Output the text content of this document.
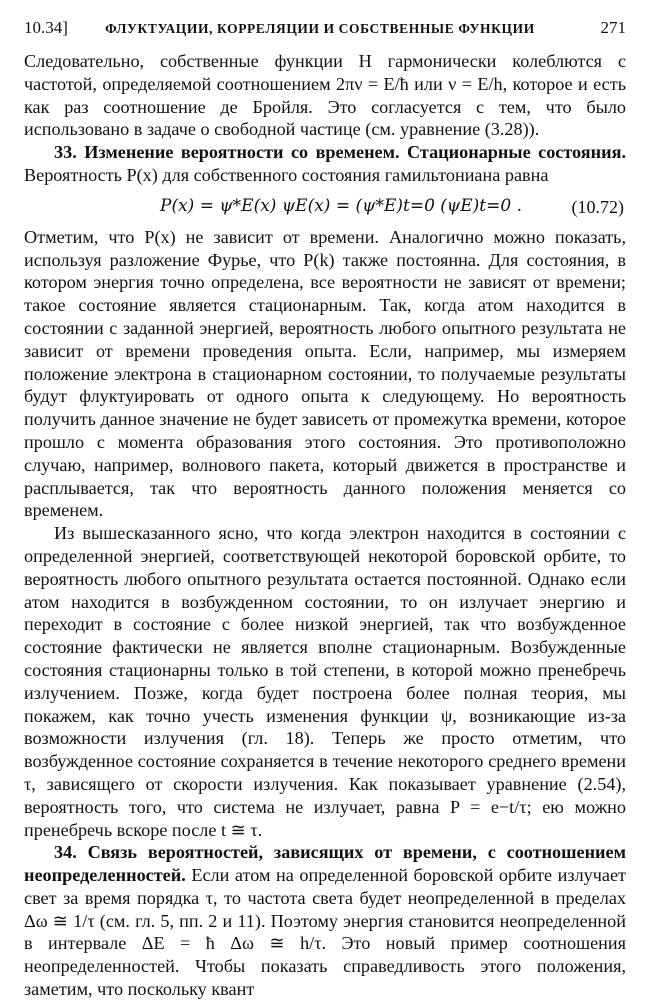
10.34]	ФЛУКТУАЦИИ, КОРРЕЛЯЦИИ И СОБСТВЕННЫЕ ФУНКЦИИ	271

Следовательно, собственные функции H гармонически колеблются с частотой, определяемой соотношением 2πν = E/ħ или ν = E/h, которое и есть как раз соотношение де Бройля. Это согласуется с тем, что было использовано в задаче о свободной частице (см. уравнение (3.28)).

33. Изменение вероятности со временем. Стационарные состояния. Вероятность P(x) для собственного состояния гамильтониана равна

P(x) = ψ*E(x) ψE(x) = (ψ*E)t=0 (ψE)t=0 .	(10.72)

Отметим, что P(x) не зависит от времени. Аналогично можно показать, используя разложение Фурье, что P(k) также постоянна. Для состояния, в котором энергия точно определена, все вероятности не зависят от времени; такое состояние является стационарным. Так, когда атом находится в состоянии с заданной энергией, вероятность любого опытного результата не зависит от времени проведения опыта. Если, например, мы измеряем положение электрона в стационарном состоянии, то получаемые результаты будут флуктуировать от одного опыта к следующему. Но вероятность получить данное значение не будет зависеть от промежутка времени, которое прошло с момента образования этого состояния. Это противоположно случаю, например, волнового пакета, который движется в пространстве и расплывается, так что вероятность данного положения меняется со временем.

Из вышесказанного ясно, что когда электрон находится в состоянии с определенной энергией, соответствующей некоторой боровской орбите, то вероятность любого опытного результата остается постоянной. Однако если атом находится в возбужденном состоянии, то он излучает энергию и переходит в состояние с более низкой энергией, так что возбужденное состояние фактически не является вполне стационарным. Возбужденные состояния стационарны только в той степени, в которой можно пренебречь излучением. Позже, когда будет построена более полная теория, мы покажем, как точно учесть изменения функции ψ, возникающие из-за возможности излучения (гл. 18). Теперь же просто отметим, что возбужденное состояние сохраняется в течение некоторого среднего времени τ, зависящего от скорости излучения. Как показывает уравнение (2.54), вероятность того, что система не излучает, равна P = e−t/τ; ею можно пренебречь вскоре после t ≅ τ.

34. Связь вероятностей, зависящих от времени, с соотношением неопределенностей. Если атом на определенной боровской орбите излучает свет за время порядка τ, то частота света будет неопределенной в пределах Δω ≅ 1/τ (см. гл. 5, пп. 2 и 11). Поэтому энергия становится неопределенной в интервале ΔE = ħ Δω ≅ h/τ. Это новый пример соотношения неопределенностей. Чтобы показать справедливость этого положения, заметим, что поскольку квант
